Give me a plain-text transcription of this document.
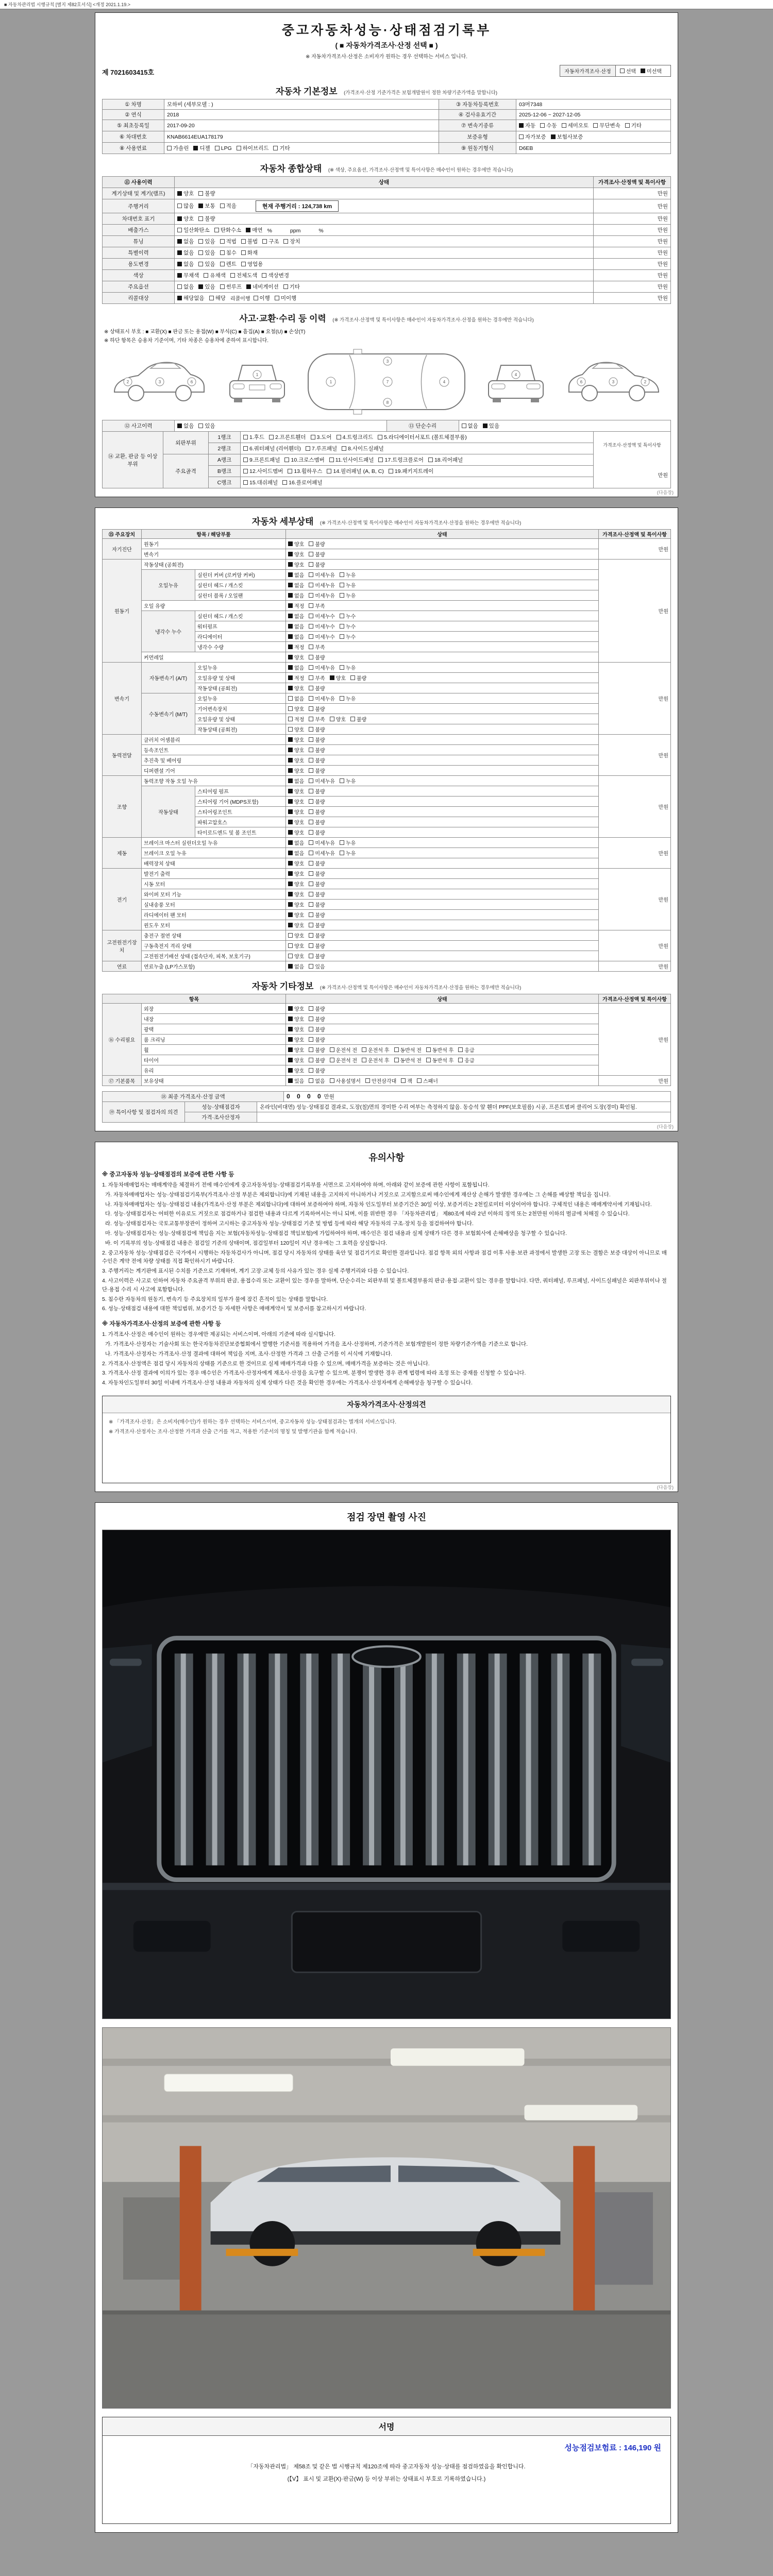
■ 자동차관리법 시행규칙 [별지 제82호서식] <개정 2021.1.19.>
중고자동차성능·상태점검기록부
( ■ 자동차가격조사·산정 선택 ■ )
※ 자동차가격조사·산정은 소비자가 원하는 경우 선택하는 서비스 입니다.
제 7021603415호	자동차가격조사·산정	선택 미선택
자동차 기본정보 (가격조사·산정 기준가격은 보험개발원이 정한 차량기준가액을 말합니다)
① 차명	모하비 (세부모델 : )	③ 자동차등록번호	03머7348
② 연식	2018	④ 검사유효기간	2025-12-06 ~ 2027-12-05
⑤ 최초등록일	2017-09-20	⑦ 변속기종류	자동 수동 세미오토 무단변속 기타

⑥ 차대번호	KNAB6614EUA178179	보증유형	자가보증 보험사보증

⑧ 사용연료	가솔린 디젤 LPG 하이브리드 기타	⑨ 원동기형식	D6EB
자동차 종합상태 (※ 색상, 주요옵션, 가격조사·산정액 및 특이사항은 매수인이 원하는 경우에만 적습니다)
⑪ 사용이력	상태	가격조사·산정액 및 특이사항
계기상태 및 계기(램프)	양호 불량	만원
주행거리	많음 보통 적음 현재 주행거리 : 124,738 km	만원
차대번호 표기	양호 불량	만원
배출가스	일산화탄소 탄화수소 매연 %            ppm            %	만원
튜닝	없음 있음 적법 불법 구조 장치	만원
특별이력	없음 있음 침수 화재	만원
용도변경	없음 있음 렌트 영업용	만원
색상	무채색 유채색 전체도색 색상변경	만원
주요옵션	없음 있음 썬루프 네비게이션 기타	만원
리콜대상	해당없음 해당 리콜이행 이행 미이행	만원
사고·교환·수리 등 이력 (※ 가격조사·산정액 및 특이사항은 매수인이 자동차가격조사·산정을 원하는 경우에만 적습니다)
※ 상태표시 부호 : ■ 교환(X) ■ 판금 또는 용접(W) ■ 부식(C) ■ 흠집(A) ■ 요철(U) ■ 손상(T)
※ 하단 항목은 승용차 기준이며, 기타 차종은 승용차에 준하여 표시합니다.
3
2	6
1
1	7	4
3
8
4
3	2
6
⑫ 사고이력	없음 있음	⑬ 단순수리	없음 있음
⑭ 교환, 판금 등 이상 부위	외판부위	1랭크	1.후드 2.프론트휀더 3.도어 4.트렁크리드 5.라디에이터서포트 (볼트체결부품)

가격조사·산정액 및 특이사항
만원

		2랭크	6.쿼터패널 (리어휀더) 7.루프패널 8.사이드실패널	

	주요골격	A랭크	9.프론트패널 10.크로스멤버 11.인사이드패널 17.트렁크플로어 18.리어패널	

		B랭크	12.사이드멤버 13.휠하우스 14.필러패널 (A, B, C) 19.패키지트레이	

		C랭크	15.대쉬패널 16.플로어패널	
(다음장)
자동차 세부상태 (※ 가격조사·산정액 및 특이사항은 매수인이 자동차가격조사·산정을 원하는 경우에만 적습니다)
⑮ 주요장치	항목 / 해당부품		상태	가격조사·산정액 및 특이사항
자기진단	원동기		양호 불량	만원
	변속기		양호 불량	

원동기	작동상태 (공회전)		양호 불량	만원
	오일누유	실린더 커버 (로커암 커버)	없음 미세누유 누유	

		실린더 헤드 / 개스킷	없음 미세누유 누유	

		실린더 블록 / 오일팬	없음 미세누유 누유	

	오일 유량		적정 부족	

	냉각수 누수	실린더 헤드 / 개스킷	없음 미세누수 누수	

		워터펌프	없음 미세누수 누수	

		라디에이터	없음 미세누수 누수	

		냉각수 수량	적정 부족	

	커먼레일		양호 불량	

변속기	자동변속기 (A/T)	오일누유	없음 미세누유 누유	만원
		오일유량 및 상태	적정 부족 양호 불량	

		작동상태 (공회전)	양호 불량	

	수동변속기 (M/T)	오일누유	없음 미세누유 누유	

		기어변속장치	양호 불량	

		오일유량 및 상태	적정 부족 양호 불량	

		작동상태 (공회전)	양호 불량	

동력전달	클러치 어셈블리		양호 불량	만원
	등속조인트		양호 불량	

	추진축 및 베어링		양호 불량	

	디퍼렌셜 기어		양호 불량	

조향	동력조향 작동 오일 누유		없음 미세누유 누유	만원
	작동상태	스티어링 펌프	양호 불량	

		스티어링 기어 (MDPS포함)	양호 불량	

		스티어링조인트	양호 불량	

		파워고압호스	양호 불량	

		타이로드엔드 및 볼 조인트	양호 불량	

제동	브레이크 마스터 실린더오일 누유		없음 미세누유 누유	만원
	브레이크 오일 누유		없음 미세누유 누유	

	배력장치 상태		양호 불량	

전기	발전기 출력		양호 불량	만원
	시동 모터		양호 불량	

	와이퍼 모터 기능		양호 불량	

	실내송풍 모터		양호 불량	

	라디에이터 팬 모터		양호 불량	

	윈도우 모터		양호 불량	

고전원전기장치	충전구 절연 상태		양호 불량	만원
	구동축전지 격리 상태		양호 불량	

	고전원전기배선 상태 (접속단자, 피복, 보호기구)		양호 불량	

연료	연료누출 (LP가스포함)		없음 있음	만원
자동차 기타정보 (※ 가격조사·산정액 및 특이사항은 매수인이 자동차가격조사·산정을 원하는 경우에만 적습니다)
항목		상태	가격조사·산정액 및 특이사항
⑯ 수리필요	외장	양호 불량	만원
	내장	양호 불량	

	광택	양호 불량	

	룸 크리닝	양호 불량	

휠	양호 불량 운전석 전 운전석 후 동반석 전 동반석 후 응급

타이어	양호 불량 운전석 전 운전석 후 동반석 전 동반석 후 응급

	유리	양호 불량	

⑰ 기본품목	보유상태	있음 없음 사용설명서 안전삼각대 잭 스패너	만원
⑱ 최종 가격조사·산정 금액	0    0    0    0 만원
⑲ 특이사항 및 점검자의 의견	성능·상태점검자	온라인(비대면) 성능·상태점검 결과로, 도장(칠)면의 경미한 수리 여부는 측정하지 않음. 동승석 앞 휀더 PPF(보호필름) 시공, 프론트범퍼 클리어 도장(경미) 확인됨.
	가격·조사산정자	
(다음장)
유의사항
※ 중고자동차 성능·상태점검의 보증에 관한 사항 등
1. 자동차매매업자는 매매계약을 체결하기 전에 매수인에게 중고자동차성능·상태점검기록부를 서면으로 고지하여야 하며, 아래와 같이 보증에 관한 사항이 포함됩니다.
가. 자동차매매업자는 성능·상태점검기록부(가격조사·산정 부분은 제외합니다)에 기재된 내용을 고지하지 아니하거나 거짓으로 고지함으로써 매수인에게 재산상 손해가 발생한 경우에는 그 손해를 배상할 책임을 집니다.
나. 자동차매매업자는 성능·상태점검 내용(가격조사·산정 부분은 제외합니다)에 대하여 보증하여야 하며, 자동차 인도일부터 보증기간은 30일 이상, 보증거리는 2천킬로미터 이상이어야 합니다. 구체적인 내용은 매매계약서에 기재됩니다.
다. 성능·상태점검자는 어떠한 이유로도 거짓으로 점검하거나 점검한 내용과 다르게 기록하여서는 아니 되며, 이를 위반한 경우 「자동차관리법」 제80조에 따라 2년 이하의 징역 또는 2천만원 이하의 벌금에 처해질 수 있습니다.
라. 성능·상태점검자는 국토교통부장관이 정하여 고시하는 중고자동차 성능·상태점검 기준 및 방법 등에 따라 해당 자동차의 구조·장치 등을 점검하여야 합니다.
마. 성능·상태점검자는 성능·상태점검에 책임을 지는 보험(자동차성능·상태점검 책임보험)에 가입하여야 하며, 매수인은 점검 내용과 실제 상태가 다른 경우 보험회사에 손해배상을 청구할 수 있습니다.
바. 이 기록부의 성능·상태점검 내용은 점검일 기준의 상태이며, 점검일부터 120일이 지난 경우에는 그 효력을 상실합니다.
2. 중고자동차 성능·상태점검은 국가에서 시행하는 자동차검사가 아니며, 점검 당시 자동차의 상태를 육안 및 점검기기로 확인한 결과입니다. 점검 항목 외의 사항과 점검 이후 사용·보관 과정에서 발생한 고장 또는 결함은 보증 대상이 아니므로 매수인은 계약 전에 차량 상태를 직접 확인하시기 바랍니다.
3. 주행거리는 계기판에 표시된 수치를 기준으로 기재하며, 계기 고장·교체 등의 사유가 있는 경우 실제 주행거리와 다를 수 있습니다.
4. 사고이력은 사고로 인하여 자동차 주요골격 부위의 판금, 용접수리 또는 교환이 있는 경우를 말하며, 단순수리는 외판부위 및 볼트체결부품의 판금·용접·교환이 있는 경우를 말합니다. 다만, 쿼터패널, 루프패널, 사이드실패널은 외판부위이나 절단·용접 수리 시 사고에 포함합니다.
5. 침수란 자동차의 원동기, 변속기 등 주요장치의 일부가 물에 잠긴 흔적이 있는 상태를 말합니다.
6. 성능·상태점검 내용에 대한 책임범위, 보증기간 등 자세한 사항은 매매계약서 및 보증서를 참고하시기 바랍니다.
※ 자동차가격조사·산정의 보증에 관한 사항 등
1. 가격조사·산정은 매수인이 원하는 경우에만 제공되는 서비스이며, 아래의 기준에 따라 실시합니다.
가. 가격조사·산정자는 기술사회 또는 한국자동차진단보증협회에서 발행한 기준서를 적용하여 가격을 조사·산정하며, 기준가격은 보험개발원이 정한 차량기준가액을 기준으로 합니다.
나. 가격조사·산정자는 가격조사·산정 결과에 대하여 책임을 지며, 조사·산정한 가격과 그 산출 근거를 이 서식에 기재합니다.
2. 가격조사·산정액은 점검 당시 자동차의 상태를 기준으로 한 것이므로 실제 매매가격과 다를 수 있으며, 매매가격을 보증하는 것은 아닙니다.
3. 가격조사·산정 결과에 이의가 있는 경우 매수인은 가격조사·산정자에게 재조사·산정을 요구할 수 있으며, 분쟁이 발생한 경우 관계 법령에 따라 조정 또는 중재를 신청할 수 있습니다.
4. 자동차인도일부터 30일 이내에 가격조사·산정 내용과 자동차의 실제 상태가 다른 것을 확인한 경우에는 가격조사·산정자에게 손해배상을 청구할 수 있습니다.
자동차가격조사·산정의견
※ 「가격조사·산정」은 소비자(매수인)가 원하는 경우 선택하는 서비스이며, 중고자동차 성능·상태점검과는 별개의 서비스입니다.
※ 가격조사·산정자는 조사·산정한 가격과 산출 근거를 적고, 적용한 기준서의 명칭 및 발행기관을 함께 적습니다.
(다음장)
점검 장면 촬영 사진
서명
성능점검보험료 : 146,190 원
「자동차관리법」 제58조 및 같은 법 시행규칙 제120조에 따라 중고자동차 성능·상태를 점검하였음을 확인합니다.
(【V】 표시 및 교환(X)·판금(W) 등 이상 부위는 상태표시 부호로 기록하였습니다.)
